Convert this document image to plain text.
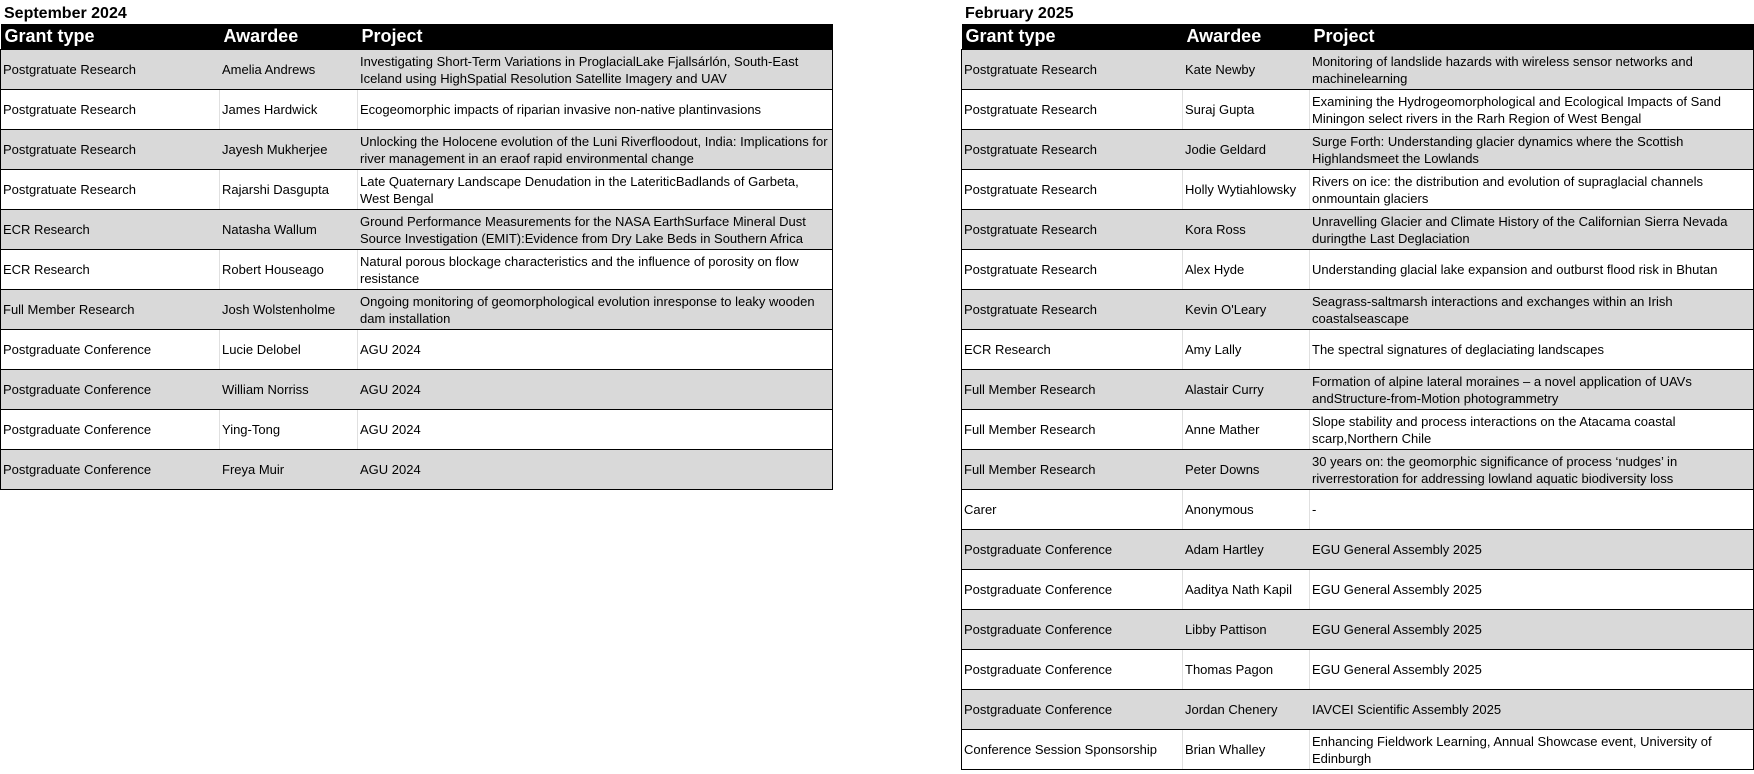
September 2024
Grant type	Awardee	Project
Postgratuate Research	Amelia Andrews	Investigating Short-Term Variations in ProglacialLake Fjallsárlón, South-East Iceland using HighSpatial Resolution Satellite Imagery and UAV
Postgratuate Research	James Hardwick	Ecogeomorphic impacts of riparian invasive non-native plantinvasions
Postgratuate Research	Jayesh Mukherjee	Unlocking the Holocene evolution of the Luni Riverfloodout, India: Implications for river management in an eraof rapid environmental change
Postgratuate Research	Rajarshi Dasgupta	Late Quaternary Landscape Denudation in the LateriticBadlands of Garbeta, West Bengal
ECR Research	Natasha Wallum	Ground Performance Measurements for the NASA EarthSurface Mineral Dust Source Investigation (EMIT):Evidence from Dry Lake Beds in Southern Africa
ECR Research	Robert Houseago	Natural porous blockage characteristics and the influence of porosity on flow resistance
Full Member Research	Josh Wolstenholme	Ongoing monitoring of geomorphological evolution inresponse to leaky wooden dam installation
Postgraduate Conference	Lucie Delobel	AGU 2024
Postgraduate Conference	William Norriss	AGU 2024
Postgraduate Conference	Ying-Tong	AGU 2024
Postgraduate Conference	Freya Muir	AGU 2024
February 2025
Grant type	Awardee	Project
Postgratuate Research	Kate Newby	Monitoring of landslide hazards with wireless sensor networks and machinelearning
Postgratuate Research	Suraj Gupta	Examining the Hydrogeomorphological and Ecological Impacts of Sand Miningon select rivers in the Rarh Region of West Bengal
Postgratuate Research	Jodie Geldard	Surge Forth: Understanding glacier dynamics where the Scottish Highlandsmeet the Lowlands
Postgratuate Research	Holly Wytiahlowsky	Rivers on ice: the distribution and evolution of supraglacial channels onmountain glaciers
Postgratuate Research	Kora Ross	Unravelling Glacier and Climate History of the Californian Sierra Nevada duringthe Last Deglaciation
Postgratuate Research	Alex Hyde	Understanding glacial lake expansion and outburst flood risk in Bhutan
Postgratuate Research	Kevin O'Leary	Seagrass-saltmarsh interactions and exchanges within an Irish coastalseascape
ECR Research	Amy Lally	The spectral signatures of deglaciating landscapes
Full Member Research	Alastair Curry	Formation of alpine lateral moraines – a novel application of UAVs andStructure-from-Motion photogrammetry
Full Member Research	Anne Mather	Slope stability and process interactions on the Atacama coastal scarp,Northern Chile
Full Member Research	Peter Downs	30 years on: the geomorphic significance of process ‘nudges’ in riverrestoration for addressing lowland aquatic biodiversity loss
Carer	Anonymous	-
Postgraduate Conference	Adam Hartley	EGU General Assembly 2025
Postgraduate Conference	Aaditya Nath Kapil	EGU General Assembly 2025
Postgraduate Conference	Libby Pattison	EGU General Assembly 2025
Postgraduate Conference	Thomas Pagon	EGU General Assembly 2025
Postgraduate Conference	Jordan Chenery	IAVCEI Scientific Assembly 2025
Conference Session Sponsorship	Brian Whalley	Enhancing Fieldwork Learning, Annual Showcase event, University of Edinburgh
